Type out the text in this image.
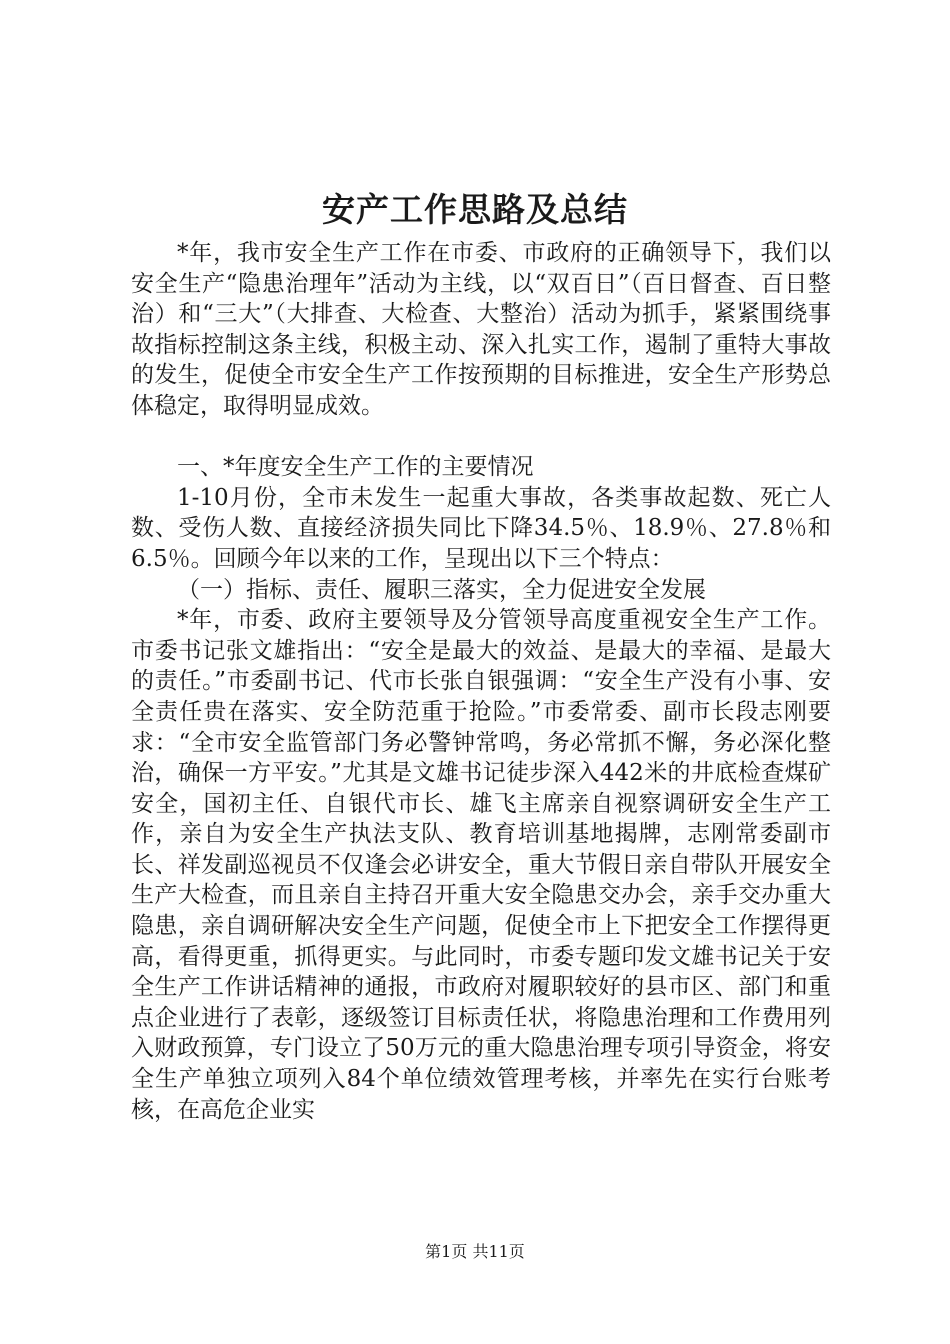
安产工作思路及总结

*年，我市安全生产工作在市委、市政府的正确领导下，我们以安全生产“隐患治理年”活动为主线，以“双百日”（百日督查、百日整治）和“三大”（大排查、大检查、大整治）活动为抓手，紧紧围绕事故指标控制这条主线，积极主动、深入扎实工作，遏制了重特大事故的发生，促使全市安全生产工作按预期的目标推进，安全生产形势总体稳定，取得明显成效。

一、*年度安全生产工作的主要情况

1-10月份，全市未发生一起重大事故，各类事故起数、死亡人数、受伤人数、直接经济损失同比下降34.5％、18.9％、27.8％和6.5％。回顾今年以来的工作，呈现出以下三个特点：

（一）指标、责任、履职三落实，全力促进安全发展

*年，市委、政府主要领导及分管领导高度重视安全生产工作。市委书记张文雄指出：“安全是最大的效益、是最大的幸福、是最大的责任。”市委副书记、代市长张自银强调：“安全生产没有小事、安全责任贵在落实、安全防范重于抢险。”市委常委、副市长段志刚要求：“全市安全监管部门务必警钟常鸣，务必常抓不懈，务必深化整治，确保一方平安。”尤其是文雄书记徒步深入442米的井底检查煤矿安全，国初主任、自银代市长、雄飞主席亲自视察调研安全生产工作，亲自为安全生产执法支队、教育培训基地揭牌，志刚常委副市长、祥发副巡视员不仅逢会必讲安全，重大节假日亲自带队开展安全生产大检查，而且亲自主持召开重大安全隐患交办会，亲手交办重大隐患，亲自调研解决安全生产问题，促使全市上下把安全工作摆得更高，看得更重，抓得更实。与此同时，市委专题印发文雄书记关于安全生产工作讲话精神的通报，市政府对履职较好的县市区、部门和重点企业进行了表彰，逐级签订目标责任状，将隐患治理和工作费用列入财政预算，专门设立了50万元的重大隐患治理专项引导资金，将安全生产单独立项列入84个单位绩效管理考核，并率先在实行台账考核，在高危企业实

第1页 共11页
